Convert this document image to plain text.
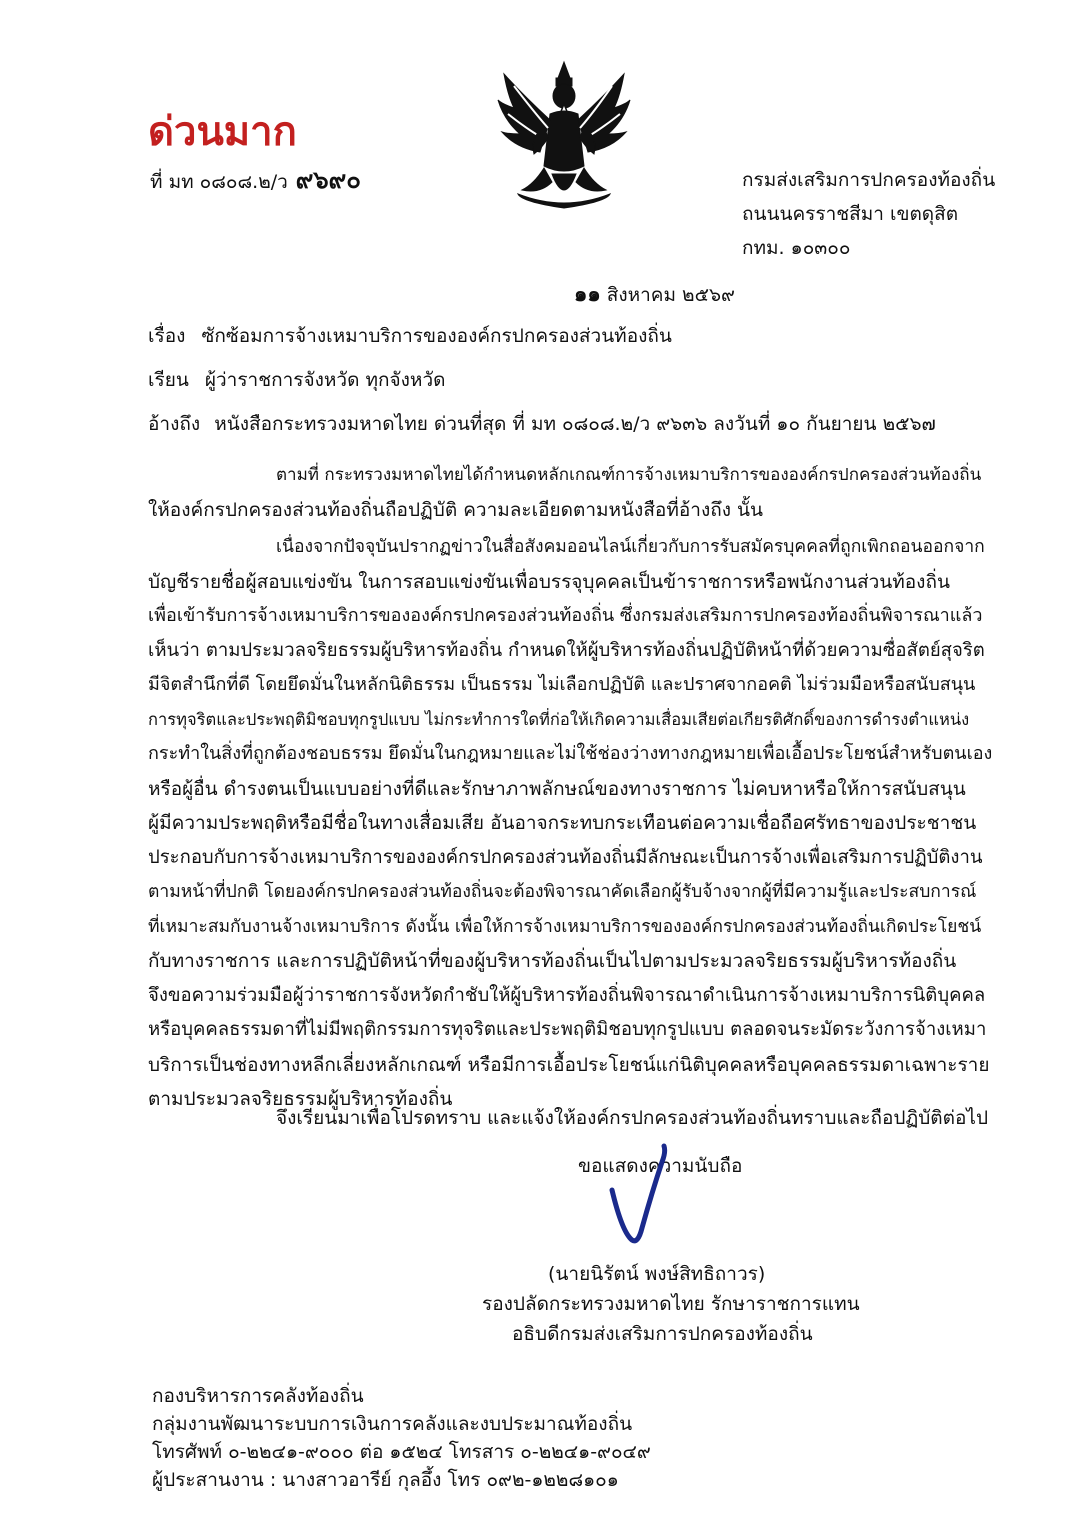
ด่วนมาก
ที่ มท ๐๘๐๘.๒/ว ๙๖๙๐	กรมส่งเสริมการปกครองท้องถิ่น
ถนนนครราชสีมา เขตดุสิต
กทม. ๑๐๓๐๐
๑๑ สิงหาคม ๒๕๖๙
เรื่อง ซักซ้อมการจ้างเหมาบริการขององค์กรปกครองส่วนท้องถิ่น
เรียน ผู้ว่าราชการจังหวัด ทุกจังหวัด
อ้างถึง หนังสือกระทรวงมหาดไทย ด่วนที่สุด ที่ มท ๐๘๐๘.๒/ว ๙๖๓๖ ลงวันที่ ๑๐ กันยายน ๒๕๖๗
ตามที่ กระทรวงมหาดไทยได้กำหนดหลักเกณฑ์การจ้างเหมาบริการขององค์กรปกครองส่วนท้องถิ่น
ให้องค์กรปกครองส่วนท้องถิ่นถือปฏิบัติ ความละเอียดตามหนังสือที่อ้างถึง นั้น
เนื่องจากปัจจุบันปรากฏข่าวในสื่อสังคมออนไลน์เกี่ยวกับการรับสมัครบุคคลที่ถูกเพิกถอนออกจาก
บัญชีรายชื่อผู้สอบแข่งขัน ในการสอบแข่งขันเพื่อบรรจุบุคคลเป็นข้าราชการหรือพนักงานส่วนท้องถิ่น
เพื่อเข้ารับการจ้างเหมาบริการขององค์กรปกครองส่วนท้องถิ่น ซึ่งกรมส่งเสริมการปกครองท้องถิ่นพิจารณาแล้ว
เห็นว่า ตามประมวลจริยธรรมผู้บริหารท้องถิ่น กำหนดให้ผู้บริหารท้องถิ่นปฏิบัติหน้าที่ด้วยความซื่อสัตย์สุจริต
มีจิตสำนึกที่ดี โดยยึดมั่นในหลักนิติธรรม เป็นธรรม ไม่เลือกปฏิบัติ และปราศจากอคติ ไม่ร่วมมือหรือสนับสนุน
การทุจริตและประพฤติมิชอบทุกรูปแบบ ไม่กระทำการใดที่ก่อให้เกิดความเสื่อมเสียต่อเกียรติศักดิ์ของการดำรงตำแหน่ง
กระทำในสิ่งที่ถูกต้องชอบธรรม ยึดมั่นในกฎหมายและไม่ใช้ช่องว่างทางกฎหมายเพื่อเอื้อประโยชน์สำหรับตนเอง
หรือผู้อื่น ดำรงตนเป็นแบบอย่างที่ดีและรักษาภาพลักษณ์ของทางราชการ ไม่คบหาหรือให้การสนับสนุน
ผู้มีความประพฤติหรือมีชื่อในทางเสื่อมเสีย อันอาจกระทบกระเทือนต่อความเชื่อถือศรัทธาของประชาชน
ประกอบกับการจ้างเหมาบริการขององค์กรปกครองส่วนท้องถิ่นมีลักษณะเป็นการจ้างเพื่อเสริมการปฏิบัติงาน
ตามหน้าที่ปกติ โดยองค์กรปกครองส่วนท้องถิ่นจะต้องพิจารณาคัดเลือกผู้รับจ้างจากผู้ที่มีความรู้และประสบการณ์
ที่เหมาะสมกับงานจ้างเหมาบริการ ดังนั้น เพื่อให้การจ้างเหมาบริการขององค์กรปกครองส่วนท้องถิ่นเกิดประโยชน์
กับทางราชการ และการปฏิบัติหน้าที่ของผู้บริหารท้องถิ่นเป็นไปตามประมวลจริยธรรมผู้บริหารท้องถิ่น
จึงขอความร่วมมือผู้ว่าราชการจังหวัดกำชับให้ผู้บริหารท้องถิ่นพิจารณาดำเนินการจ้างเหมาบริการนิติบุคคล
หรือบุคคลธรรมดาที่ไม่มีพฤติกรรมการทุจริตและประพฤติมิชอบทุกรูปแบบ ตลอดจนระมัดระวังการจ้างเหมา
บริการเป็นช่องทางหลีกเลี่ยงหลักเกณฑ์ หรือมีการเอื้อประโยชน์แก่นิติบุคคลหรือบุคคลธรรมดาเฉพาะราย
ตามประมวลจริยธรรมผู้บริหารท้องถิ่น
จึงเรียนมาเพื่อโปรดทราบ และแจ้งให้องค์กรปกครองส่วนท้องถิ่นทราบและถือปฏิบัติต่อไป
ขอแสดงความนับถือ
(นายนิรัตน์ พงษ์สิทธิถาวร)
รองปลัดกระทรวงมหาดไทย รักษาราชการแทน
อธิบดีกรมส่งเสริมการปกครองท้องถิ่น
กองบริหารการคลังท้องถิ่น
กลุ่มงานพัฒนาระบบการเงินการคลังและงบประมาณท้องถิ่น
โทรศัพท์ ๐-๒๒๔๑-๙๐๐๐ ต่อ ๑๕๒๔ โทรสาร ๐-๒๒๔๑-๙๐๔๙
ผู้ประสานงาน : นางสาวอารีย์ กุลอึ้ง โทร ๐๙๒-๑๒๒๘๑๐๑
